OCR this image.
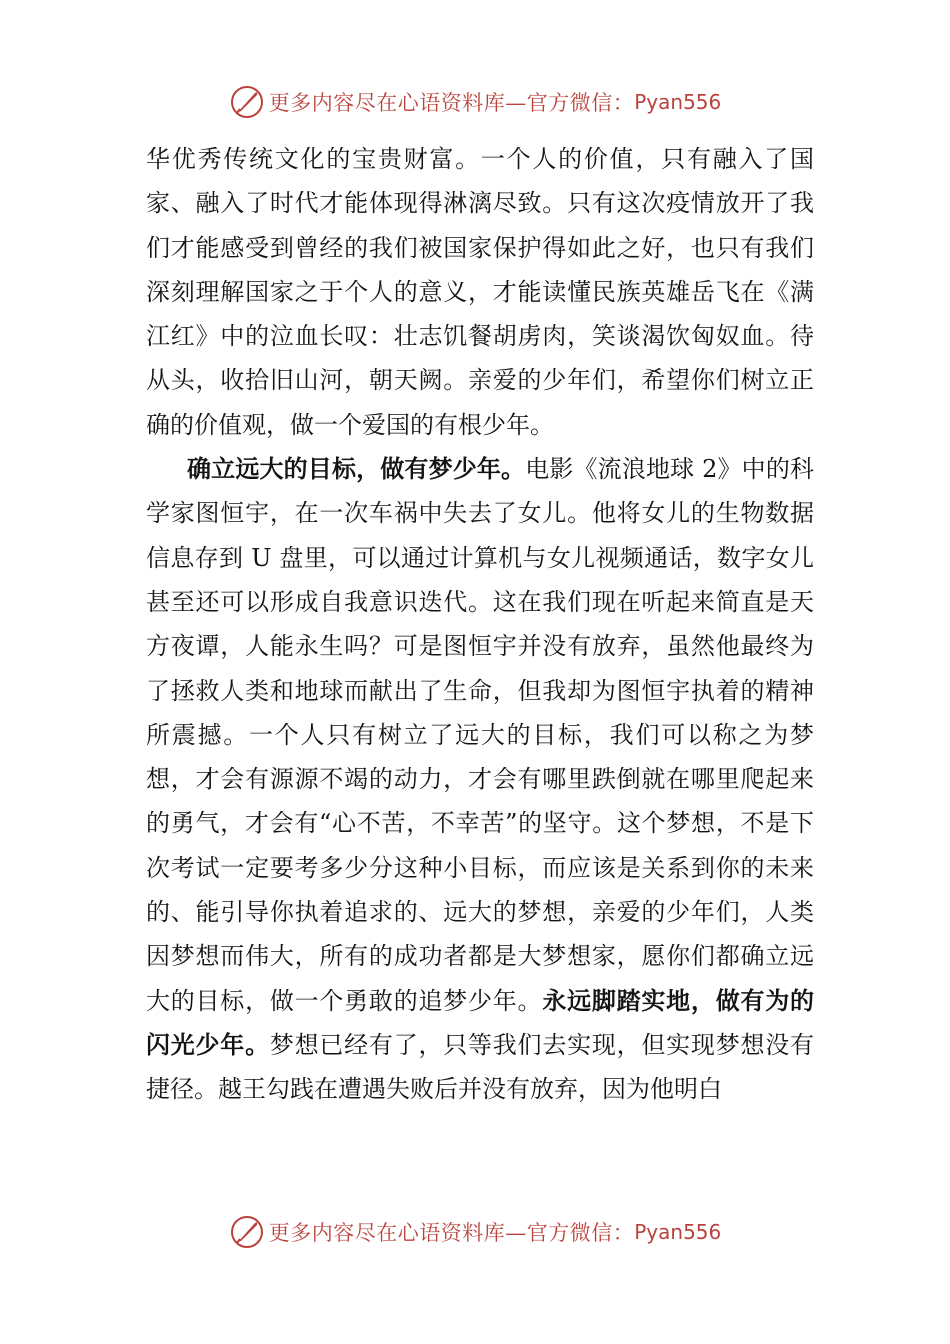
更多内容尽在心语资料库—官方微信： Pyan556

华优秀传统文化的宝贵财富。一个人的价值，只有融入了国家、融入了时代才能体现得淋漓尽致。只有这次疫情放开了我们才能感受到曾经的我们被国家保护得如此之好，也只有我们深刻理解国家之于个人的意义，才能读懂民族英雄岳飞在《满江红》中的泣血长叹：壮志饥餐胡虏肉，笑谈渴饮匈奴血。待从头，收拾旧山河，朝天阙。亲爱的少年们，希望你们树立正确的价值观，做一个爱国的有根少年。

确立远大的目标，做有梦少年。电影《流浪地球 2》中的科学家图恒宇，在一次车祸中失去了女儿。他将女儿的生物数据信息存到 U 盘里，可以通过计算机与女儿视频通话，数字女儿甚至还可以形成自我意识迭代。这在我们现在听起来简直是天方夜谭，人能永生吗？可是图恒宇并没有放弃，虽然他最终为了拯救人类和地球而献出了生命，但我却为图恒宇执着的精神所震撼。一个人只有树立了远大的目标，我们可以称之为梦想，才会有源源不竭的动力，才会有哪里跌倒就在哪里爬起来的勇气，才会有“心不苦，不幸苦”的坚守。这个梦想，不是下次考试一定要考多少分这种小目标，而应该是关系到你的未来的、能引导你执着追求的、远大的梦想，亲爱的少年们，人类因梦想而伟大，所有的成功者都是大梦想家，愿你们都确立远大的目标，做一个勇敢的追梦少年。永远脚踏实地，做有为的闪光少年。梦想已经有了，只等我们去实现，但实现梦想没有捷径。越王勾践在遭遇失败后并没有放弃，因为他明白

更多内容尽在心语资料库—官方微信： Pyan556
